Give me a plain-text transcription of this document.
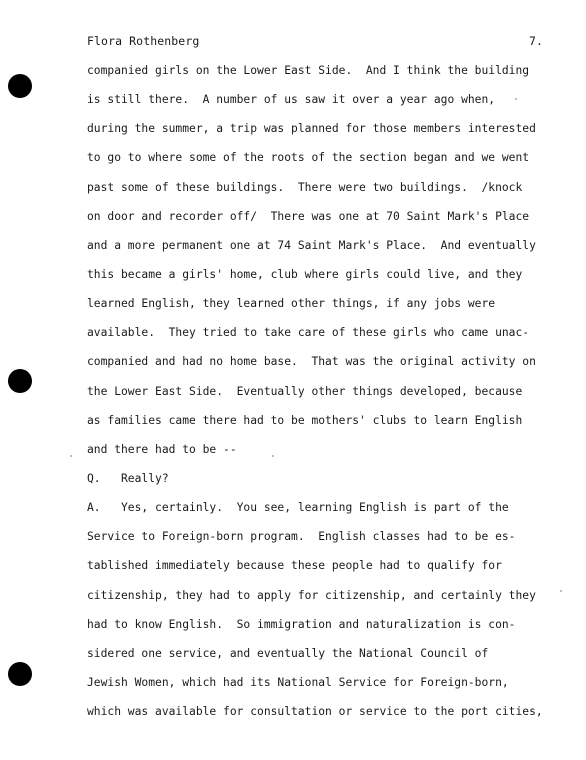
Flora Rothenberg	7.
companied girls on the Lower East Side.  And I think the building
is still there.  A number of us saw it over a year ago when,
during the summer, a trip was planned for those members interested
to go to where some of the roots of the section began and we went
past some of these buildings.  There were two buildings.  /knock
on door and recorder off/  There was one at 70 Saint Mark's Place
and a more permanent one at 74 Saint Mark's Place.  And eventually
this became a girls' home, club where girls could live, and they
learned English, they learned other things, if any jobs were
available.  They tried to take care of these girls who came unac-
companied and had no home base.  That was the original activity on
the Lower East Side.  Eventually other things developed, because
as families came there had to be mothers' clubs to learn English
and there had to be --
Q.   Really?
A.   Yes, certainly.  You see, learning English is part of the
Service to Foreign-born program.  English classes had to be es-
tablished immediately because these people had to qualify for
citizenship, they had to apply for citizenship, and certainly they
had to know English.  So immigration and naturalization is con-
sidered one service, and eventually the National Council of
Jewish Women, which had its National Service for Foreign-born,
which was available for consultation or service to the port cities,
